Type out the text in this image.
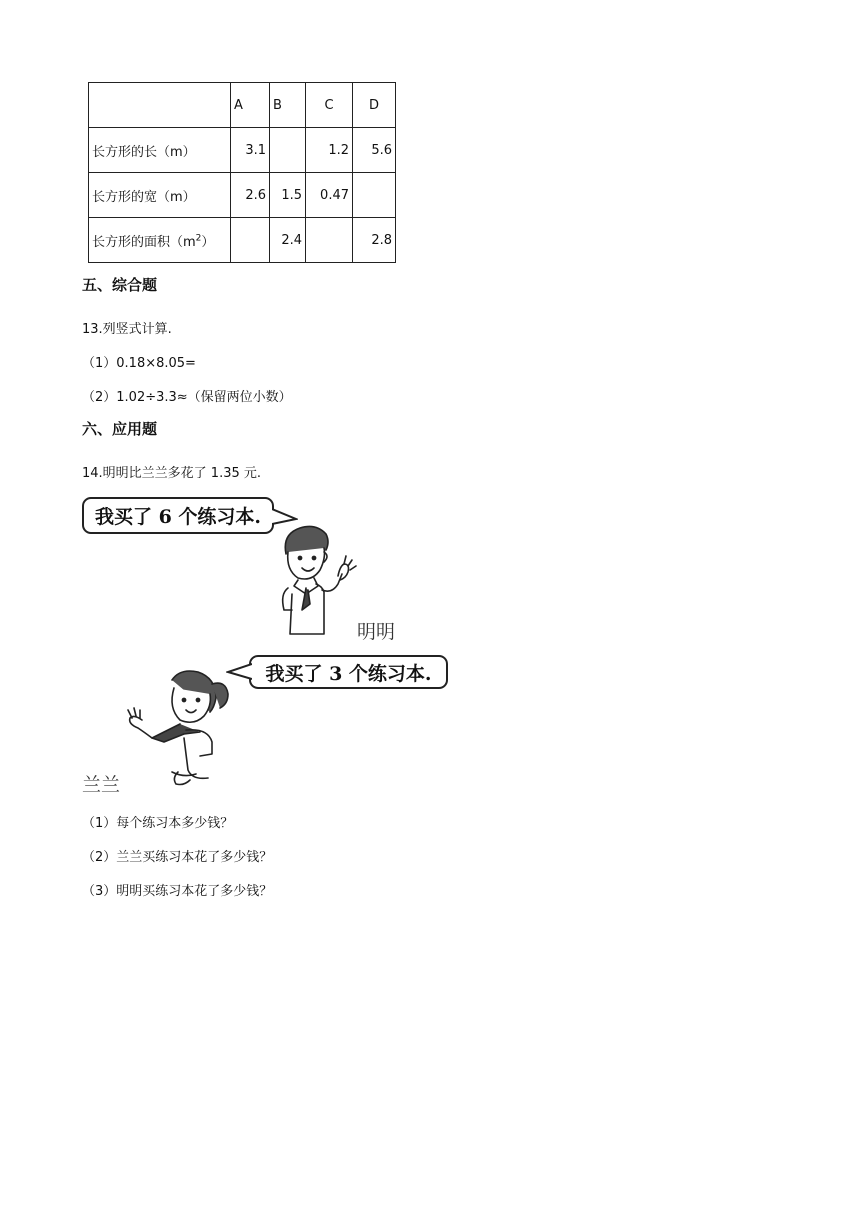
	A	B	C	D
长方形的长（m）	3.1		1.2	5.6
长方形的宽（m）	2.6	1.5	0.47	
长方形的面积$(m^2)$		2.4		2.8
五、综合题
13.列竖式计算.
（1）0.18×8.05=
（2）1.02÷3.3≈（保留两位小数）
六、应用题
14.明明比兰兰多花了 1.35 元.
我买了 6 个练习本.
明明
我买了 3 个练习本.
兰兰
（1）每个练习本多少钱？
（2）兰兰买练习本花了多少钱？
（3）明明买练习本花了多少钱？
